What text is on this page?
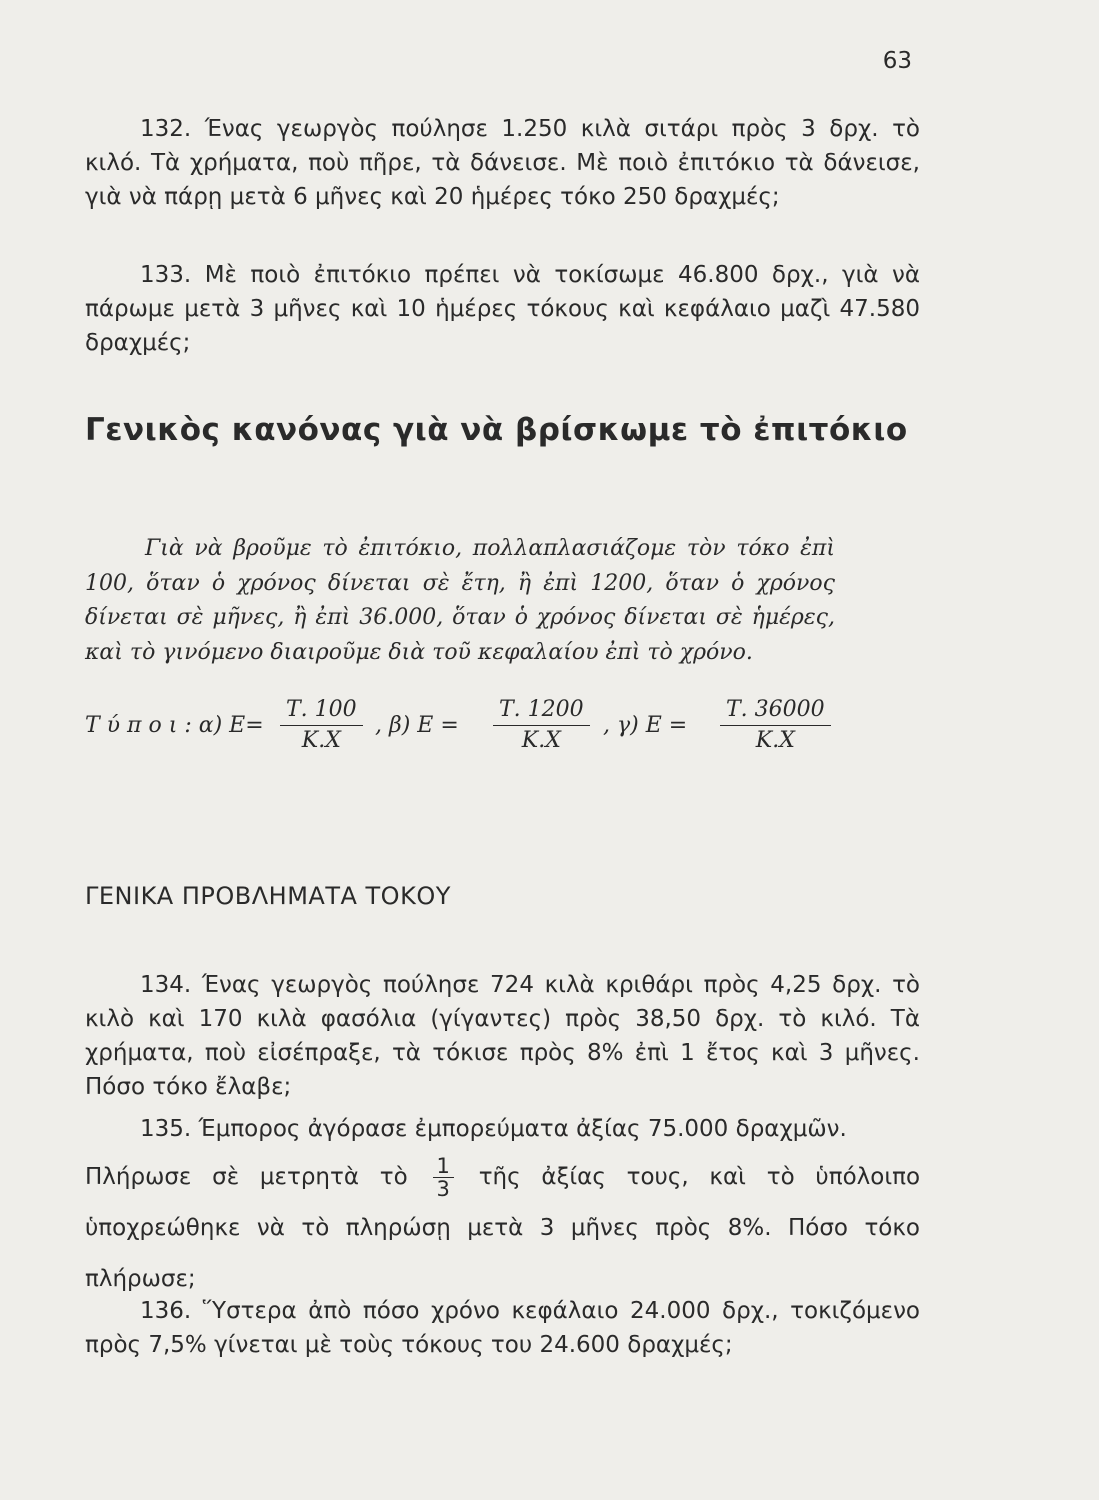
63
132. Ένας γεωργὸς πούλησε 1.250 κιλὰ σιτάρι πρὸς 3 δρχ. τὸ κιλό. Τὰ χρήματα, ποὺ πῆρε, τὰ δάνεισε. Μὲ ποιὸ ἐπιτόκιο τὰ δάνεισε, γιὰ νὰ πάρῃ μετὰ 6 μῆνες καὶ 20 ἡμέρες τόκο 250 δραχμές;
133. Μὲ ποιὸ ἐπιτόκιο πρέπει νὰ τοκίσωμε 46.800 δρχ., γιὰ νὰ πάρωμε μετὰ 3 μῆνες καὶ 10 ἡμέρες τόκους καὶ κεφάλαιο μαζὶ 47.580 δραχμές;
Γενικὸς κανόνας γιὰ νὰ βρίσκωμε τὸ ἐπιτόκιο
Γιὰ νὰ βροῦμε τὸ ἐπιτόκιο, πολλαπλασιάζομε τὸν τόκο ἐπὶ 100, ὅταν ὁ χρόνος δίνεται σὲ ἔτη, ἢ ἐπὶ 1200, ὅταν ὁ χρόνος δίνεται σὲ μῆνες, ἢ ἐπὶ 36.000, ὅταν ὁ χρόνος δίνεται σὲ ἡμέρες, καὶ τὸ γινόμενο διαιροῦμε διὰ τοῦ κεφαλαίου ἐπὶ τὸ χρόνο.
Τ ύ π ο ι : α) $E= \frac{T. 100}{K.X}$ , β) $E = \frac{T. 1200}{K.X}$ , γ) $E = \frac{T. 36000}{K.X}$
ΓΕΝΙΚΑ ΠΡΟΒΛΗΜΑΤΑ ΤΟΚΟΥ
134. Ένας γεωργὸς πούλησε 724 κιλὰ κριθάρι πρὸς 4,25 δρχ. τὸ κιλὸ καὶ 170 κιλὰ φασόλια (γίγαντες) πρὸς 38,50 δρχ. τὸ κιλό. Τὰ χρήματα, ποὺ εἰσέπραξε, τὰ τόκισε πρὸς 8% ἐπὶ 1 ἔτος καὶ 3 μῆνες. Πόσο τόκο ἔλαβε;
135. Έμπορος ἀγόρασε ἐμπορεύματα ἀξίας 75.000 δραχμῶν.
Πλήρωσε σὲ μετρητὰ τὸ $\frac{1}{3}$ τῆς ἀξίας τους, καὶ τὸ ὑπόλοιπο ὑποχρεώθηκε νὰ τὸ πληρώσῃ μετὰ 3 μῆνες πρὸς 8%. Πόσο τόκο πλήρωσε;
136. Ὕστερα ἀπὸ πόσο χρόνο κεφάλαιο 24.000 δρχ., τοκιζόμενο πρὸς 7,5% γίνεται μὲ τοὺς τόκους του 24.600 δραχμές;
